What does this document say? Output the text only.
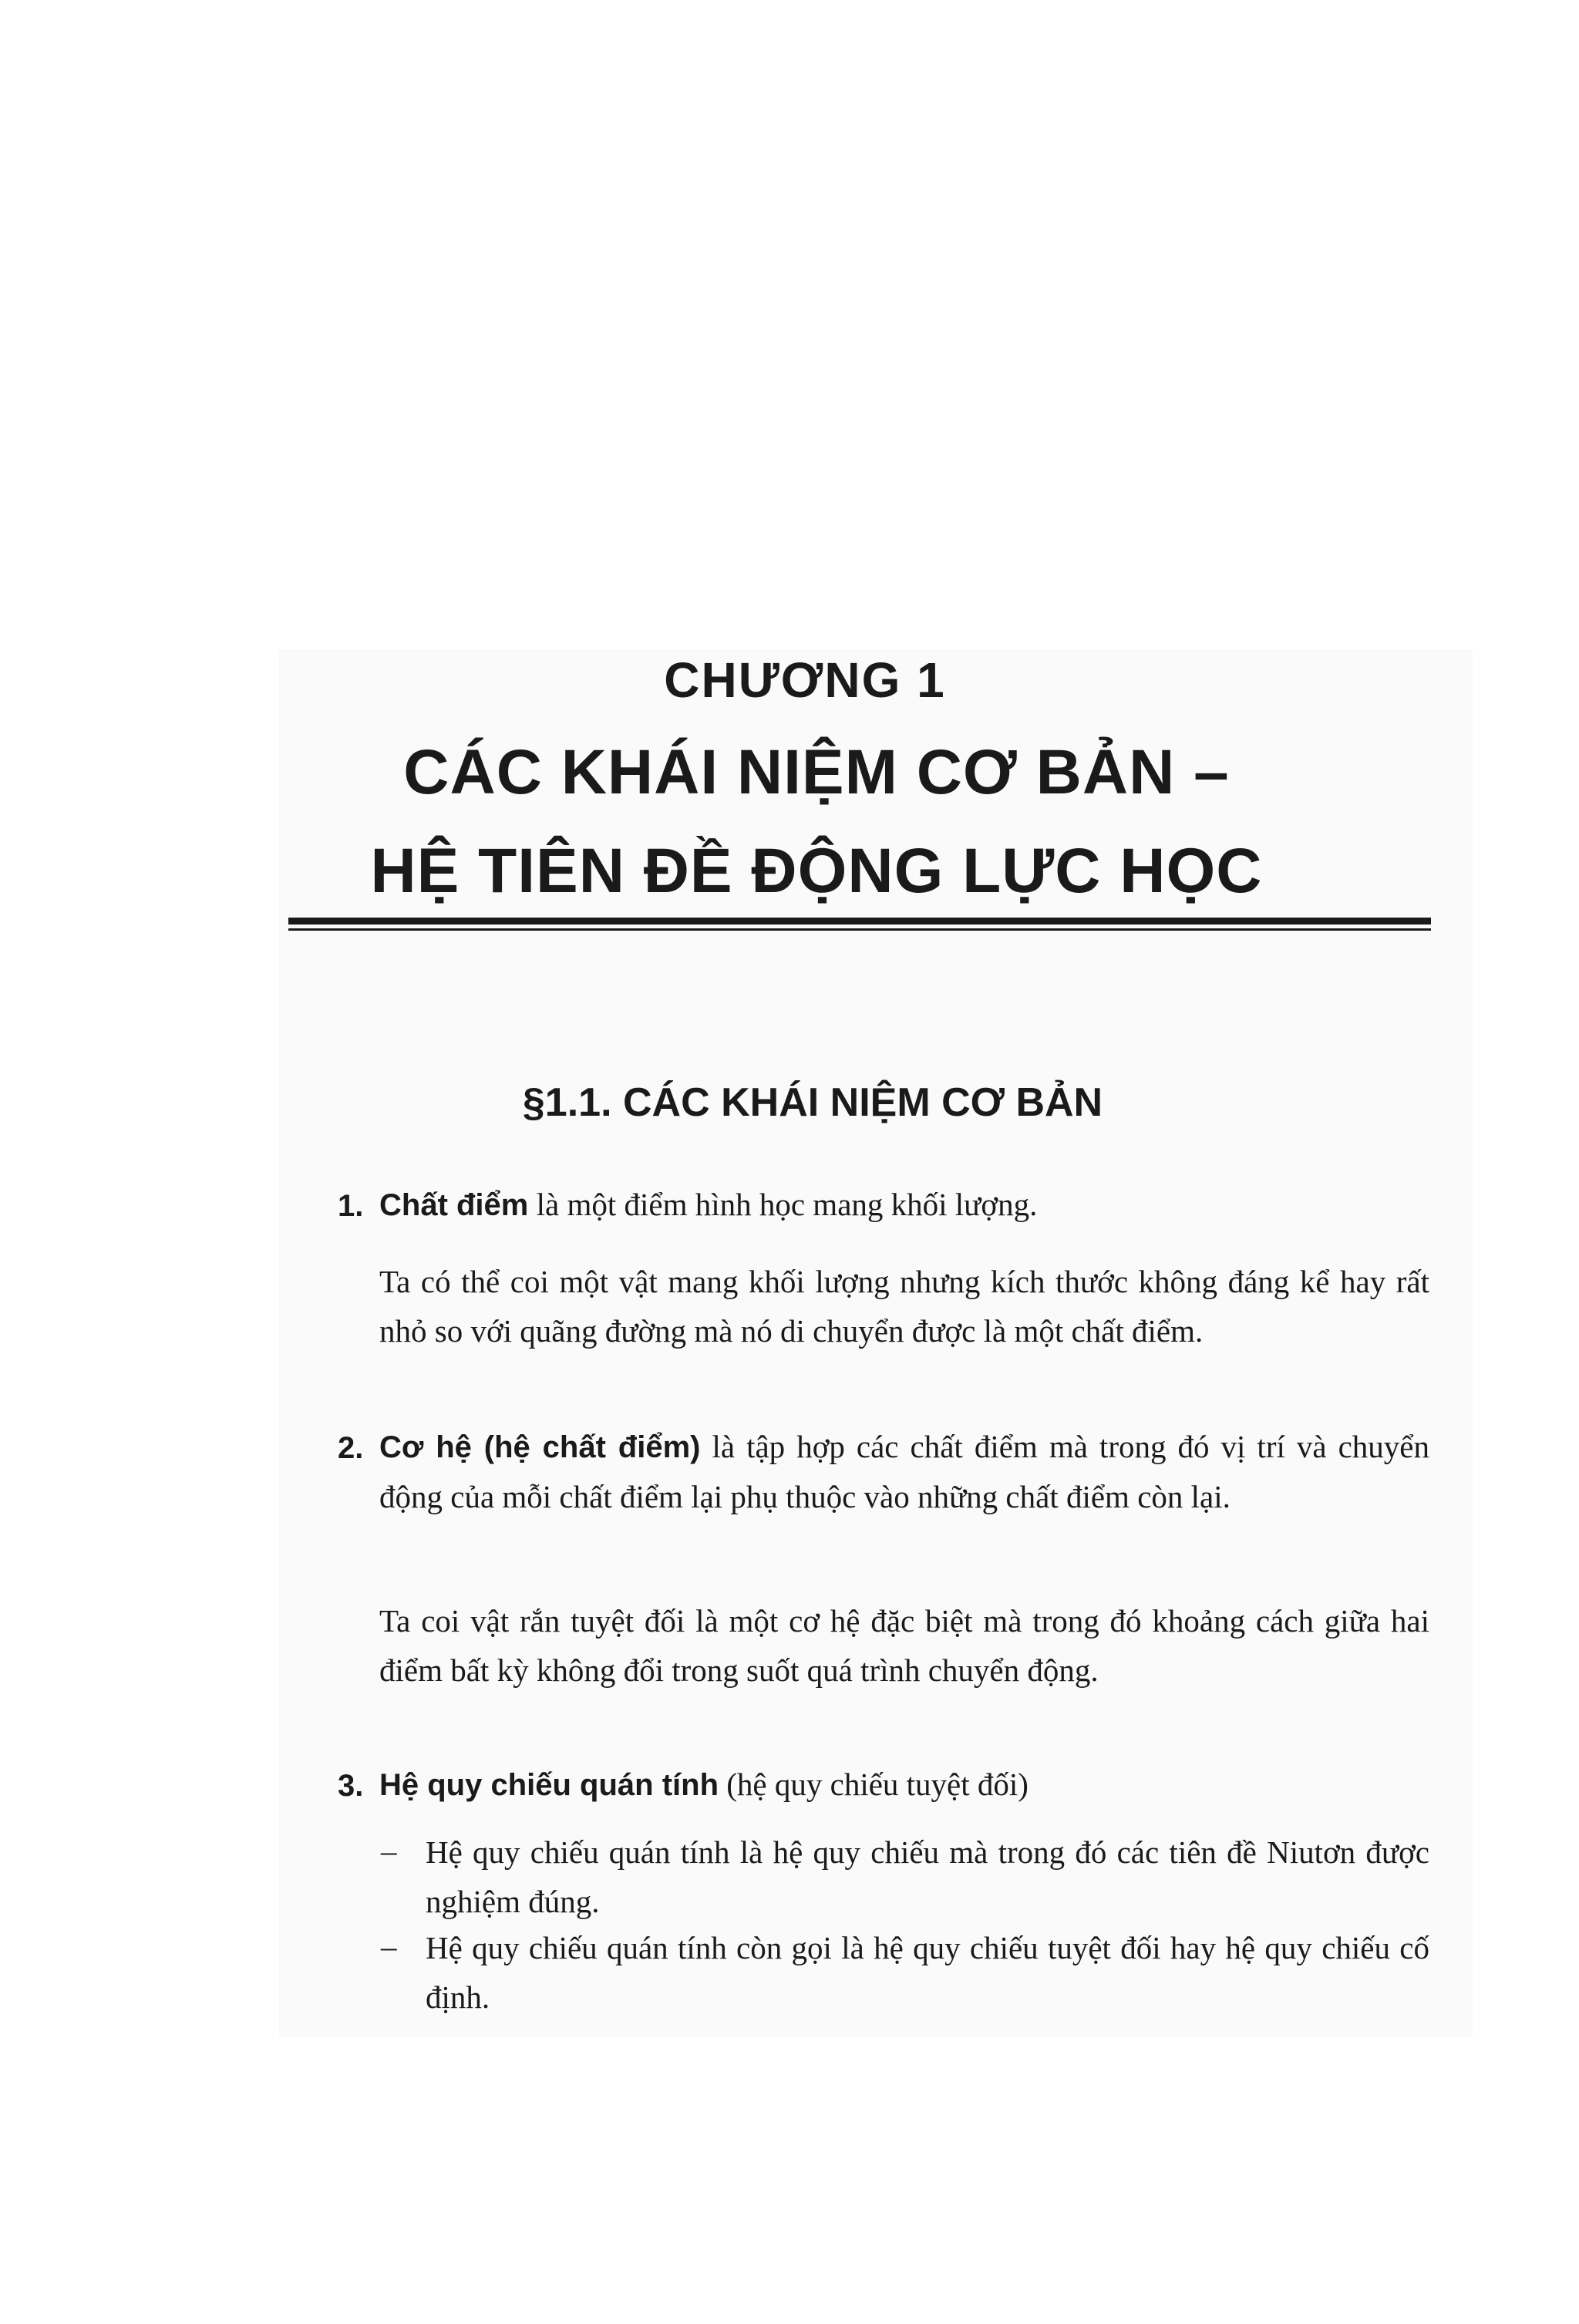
CHƯƠNG 1
CÁC KHÁI NIỆM CƠ BẢN –
HỆ TIÊN ĐỀ ĐỘNG LỰC HỌC
§1.1. CÁC KHÁI NIỆM CƠ BẢN
1. Chất điểm là một điểm hình học mang khối lượng.
Ta có thể coi một vật mang khối lượng nhưng kích thước không đáng kể hay rất nhỏ so với quãng đường mà nó di chuyển được là một chất điểm.
2. Cơ hệ (hệ chất điểm) là tập hợp các chất điểm mà trong đó vị trí và chuyển động của mỗi chất điểm lại phụ thuộc vào những chất điểm còn lại.
Ta coi vật rắn tuyệt đối là một cơ hệ đặc biệt mà trong đó khoảng cách giữa hai điểm bất kỳ không đổi trong suốt quá trình chuyển động.
3. Hệ quy chiếu quán tính (hệ quy chiếu tuyệt đối)
– Hệ quy chiếu quán tính là hệ quy chiếu mà trong đó các tiên đề Niutơn được nghiệm đúng.
– Hệ quy chiếu quán tính còn gọi là hệ quy chiếu tuyệt đối hay hệ quy chiếu cố định.
